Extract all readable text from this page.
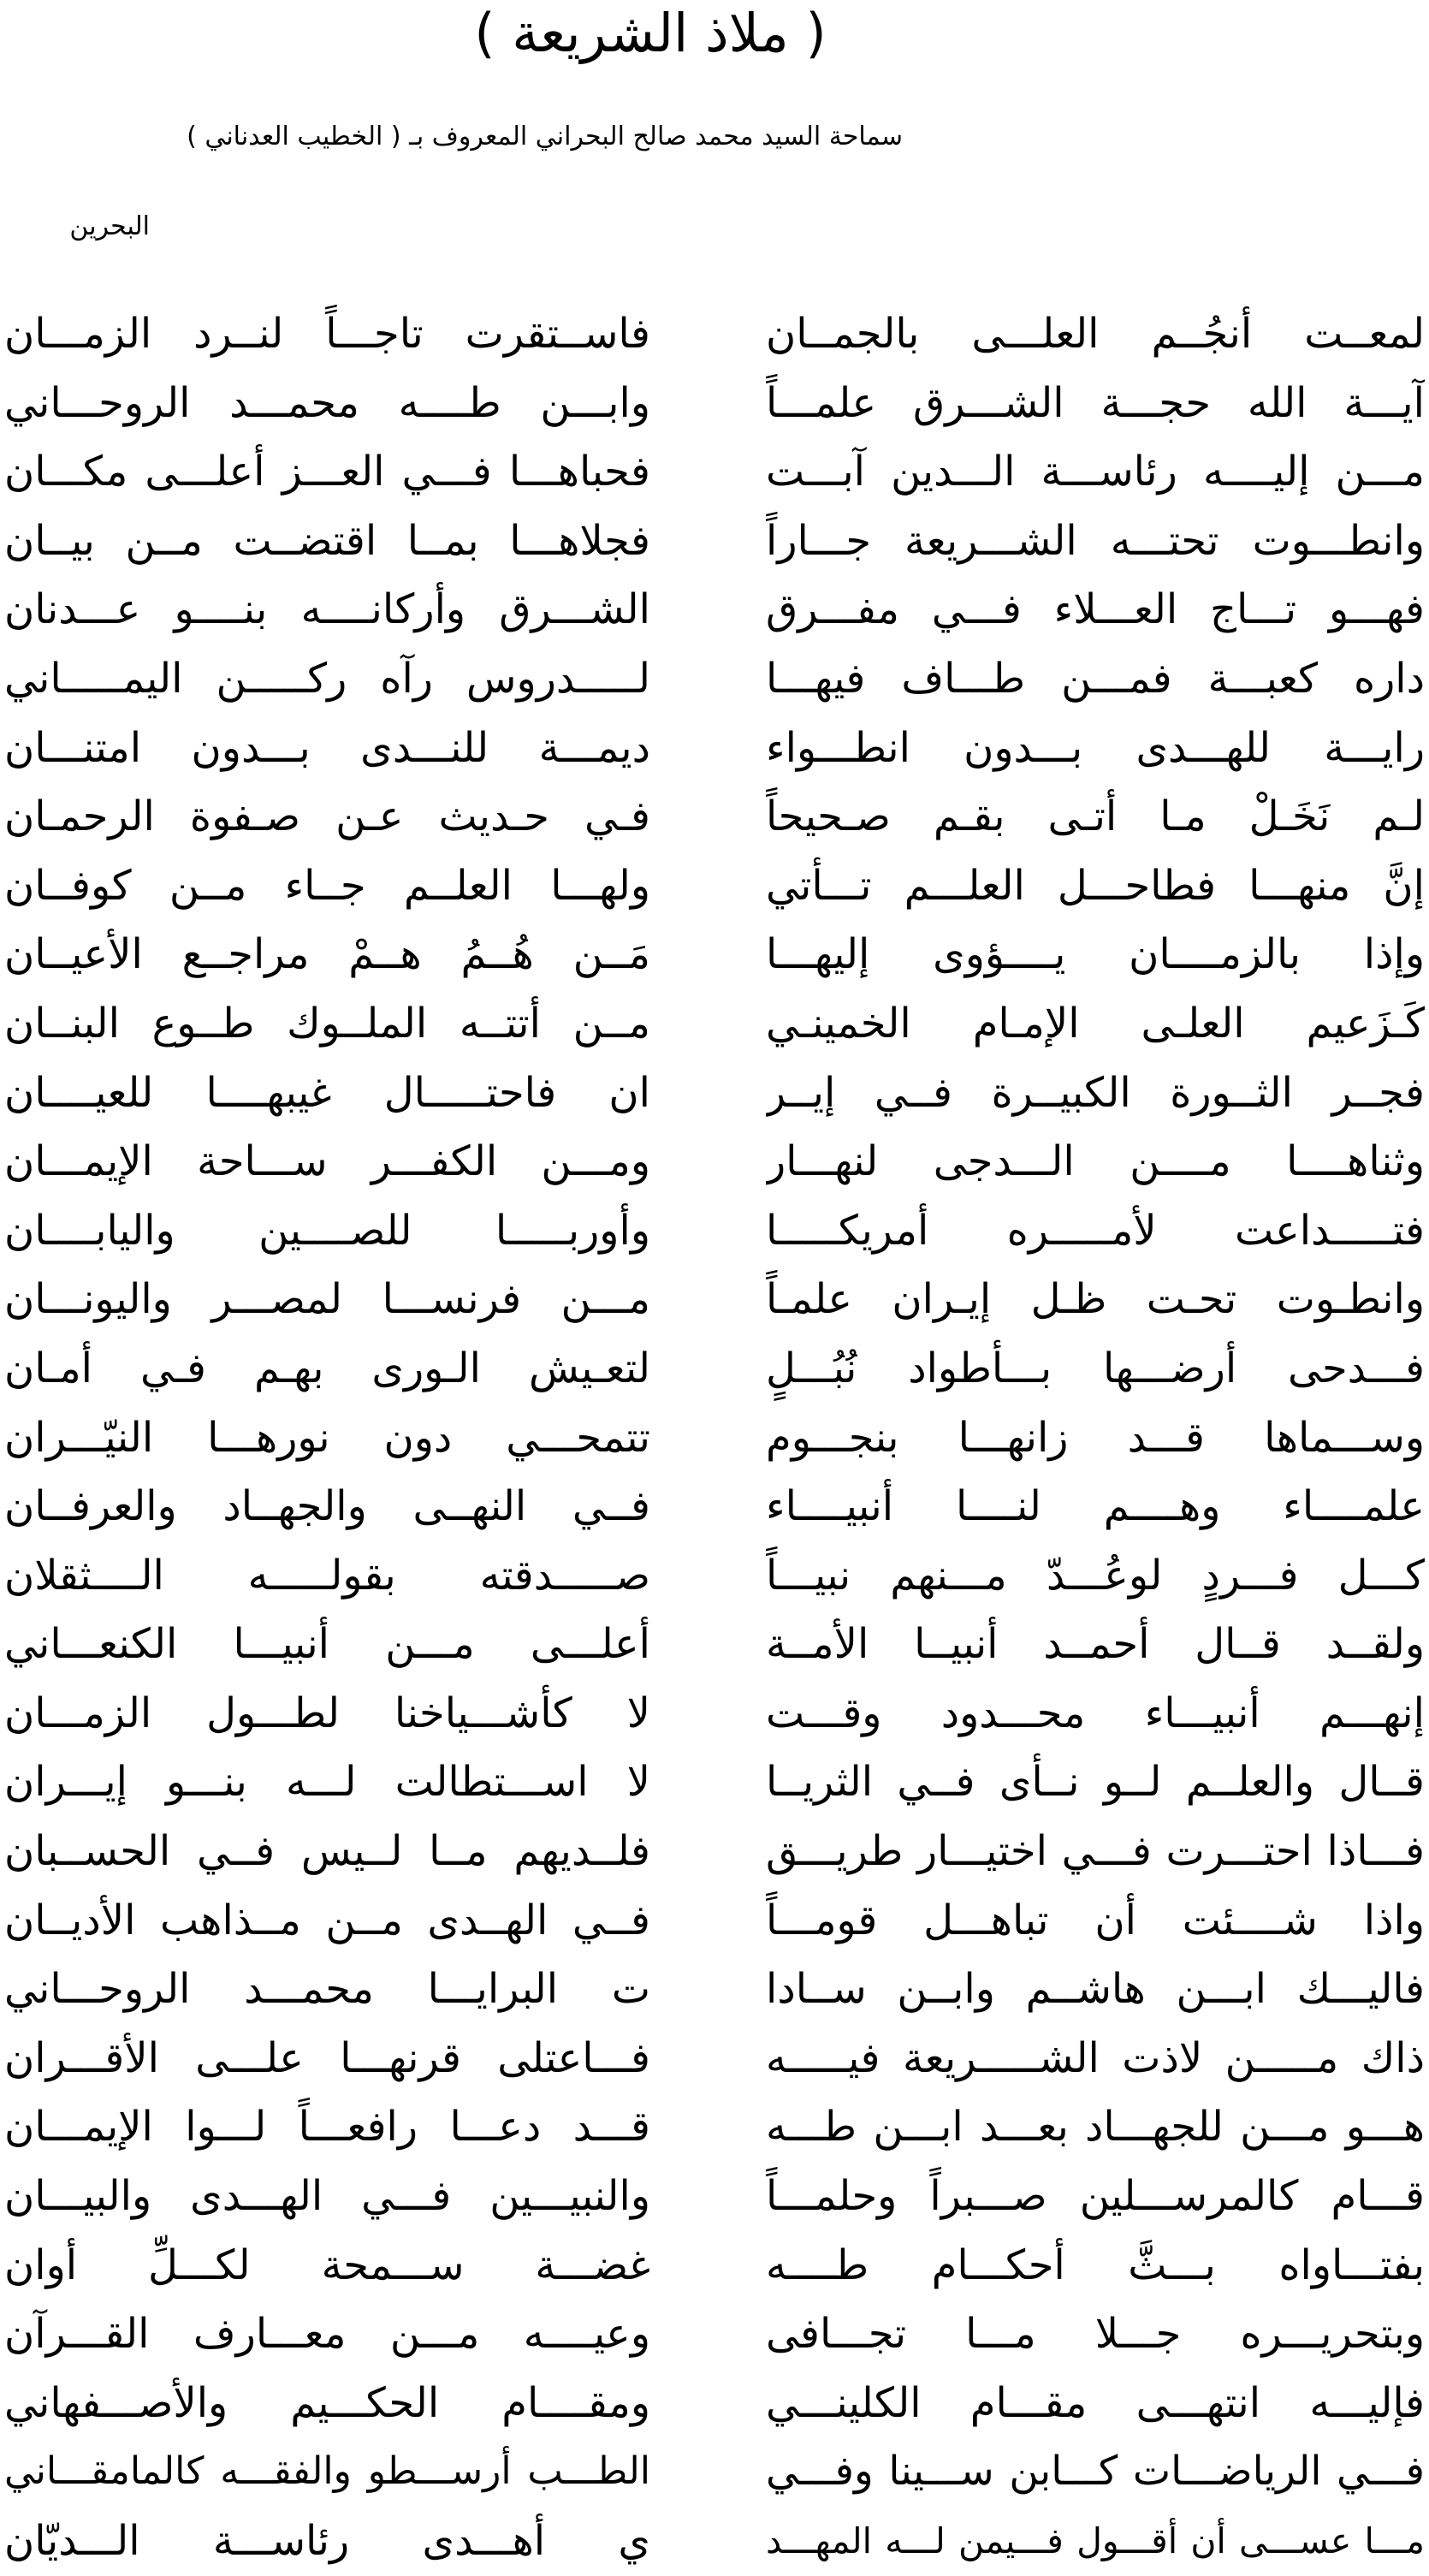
( ملاذ الشريعة )
سماحة السيد محمد صالح البحراني المعروف بـ ( الخطيب العدناني )
البحرين
لمعــت أنجُــم العلـــى بالجمــان
فاســتقرت تاجـــاً لنــرد الزمـــان
آيـــة الله حجـــة الشـــرق علمـــاً
وابـــن طــــه محمـــد الروحـــاني
مـــن إليــــه رئاســـة الـــدين آبـــت
فحباهـــا فـــي العـــز أعلـــى مكـــان
وانطـــوت تحتـــه الشـــريعة جـــاراً
فجلاهـــا بمــا اقتضــت مــن بيــان
فهـــو تـــاج العـــلاء فـــي مفـــرق
الشـــرق وأركانــــه بنــــو عـــدنان
داره كعبـــة فمـــن طـــاف فيهـــا
لـــــدروس رآه ركـــــن اليمـــــاني
رايـــة للهـــدى بـــدون انطـــواء
ديمـــة للنـــدى بـــدون امتنـــان
لـم نَخَـلْ مـا أتـى بقـم صـحيحاً
فـي حـديث عـن صـفوة الرحمـان
إنَّ منهـــا فطاحـــل العلـــم تـــأتي
ولهـــا العلــم جــاء مــن كوفــان
وإذا بالزمــــان يــــؤوى إليهـــا
مَــن هُــمُ هــمْ مراجــع الأعيــان
كَـزَعيم العلـى الإمـام الخمينـي
مــن أتتــه الملــوك طــوع البنــان
فجــر الثــورة الكبيــرة فــي إيــر
ان فاحتـــــال غيبهــــا للعيــــان
وثناهــــا مــــن الـــدجى لنهـــار
ومـــن الكفـــر ســـاحة الإيمـــان
فتـــــداعت لأمـــــره أمريكـــــا
وأوربـــــا للصــــين واليابــــان
وانطـوت تحـت ظـل إيـران علمـاً
مـــن فرنســـا لمصـــر واليونـــان
فـــدحى أرضـــها بـــأطواد نُبُـــلٍ
لتعـيش الـورى بهـم فـي أمـان
وســـماها قـــد زانهـــا بنجـــوم
تتمحـــي دون نورهـــا النيّـــران
علمــــاء وهــــم لنــــا أنبيــــاء
فــي النهــى والجهــاد والعرفــان
كـــل فـــردٍ لوعُـــدّ مـــنهم نبيـــاً
صـــــدقته بقولـــــه الــــثقلان
ولقــد قــال أحمــد أنبيــا الأمــة
أعلـــى مـــن أنبيـــا الكنعـــاني
إنهـــم أنبيـــاء محـــدود وقـــت
لا كأشـــياخنا لطـــول الزمـــان
قــال والعلــم لــو نــأى فــي الثريــا
لا اســـتطالت لـــه بنـــو إيـــران
فـــاذا احتـــرت فـــي اختيـــار طريـــق
فلــديهم مــا لــيس فــي الحســبان
واذا شــــئت أن تباهـــل قومـــاً
فــي الهــدى مــن مــذاهب الأديــان
فاليـــك ابـــن هاشــم وابــن ســادا
ت البرايـــا محمـــد الروحـــاني
ذاك مـــــن لاذت الشـــــريعة فيـــــه
فـــاعتلى قرنهـــا علـــى الأقـــران
هـــو مـــن للجهـــاد بعـــد ابـــن طـــه
قـــد دعـــا رافعـــاً لـــوا الإيمـــان
قـــام كالمرســـلين صـــبراً وحلمـــاً
والنبيـــين فـــي الهـــدى والبيـــان
بفتـــاواه بـــثَّ أحكـــام طــــه
غضـــة ســـمحة لكـــلِّ أوان
وبتحريـــره جـــلا مـــا تجـــافى
وعيــــه مـــن معـــارف القـــرآن
فإليـــه انتهـــى مقـــام الكلينـــي
ومقــــام الحكـــيم والأصـــفهاني
فـــي الرياضـــات كـــابن ســـينا وفـــي
الطـــب أرســـطو والفقـــه كالمامقـــاني
مـــا عســـى أن أقـــول فـــيمن لـــه المهـــد
ي أهـــدى رئاســـة الـــديّان
